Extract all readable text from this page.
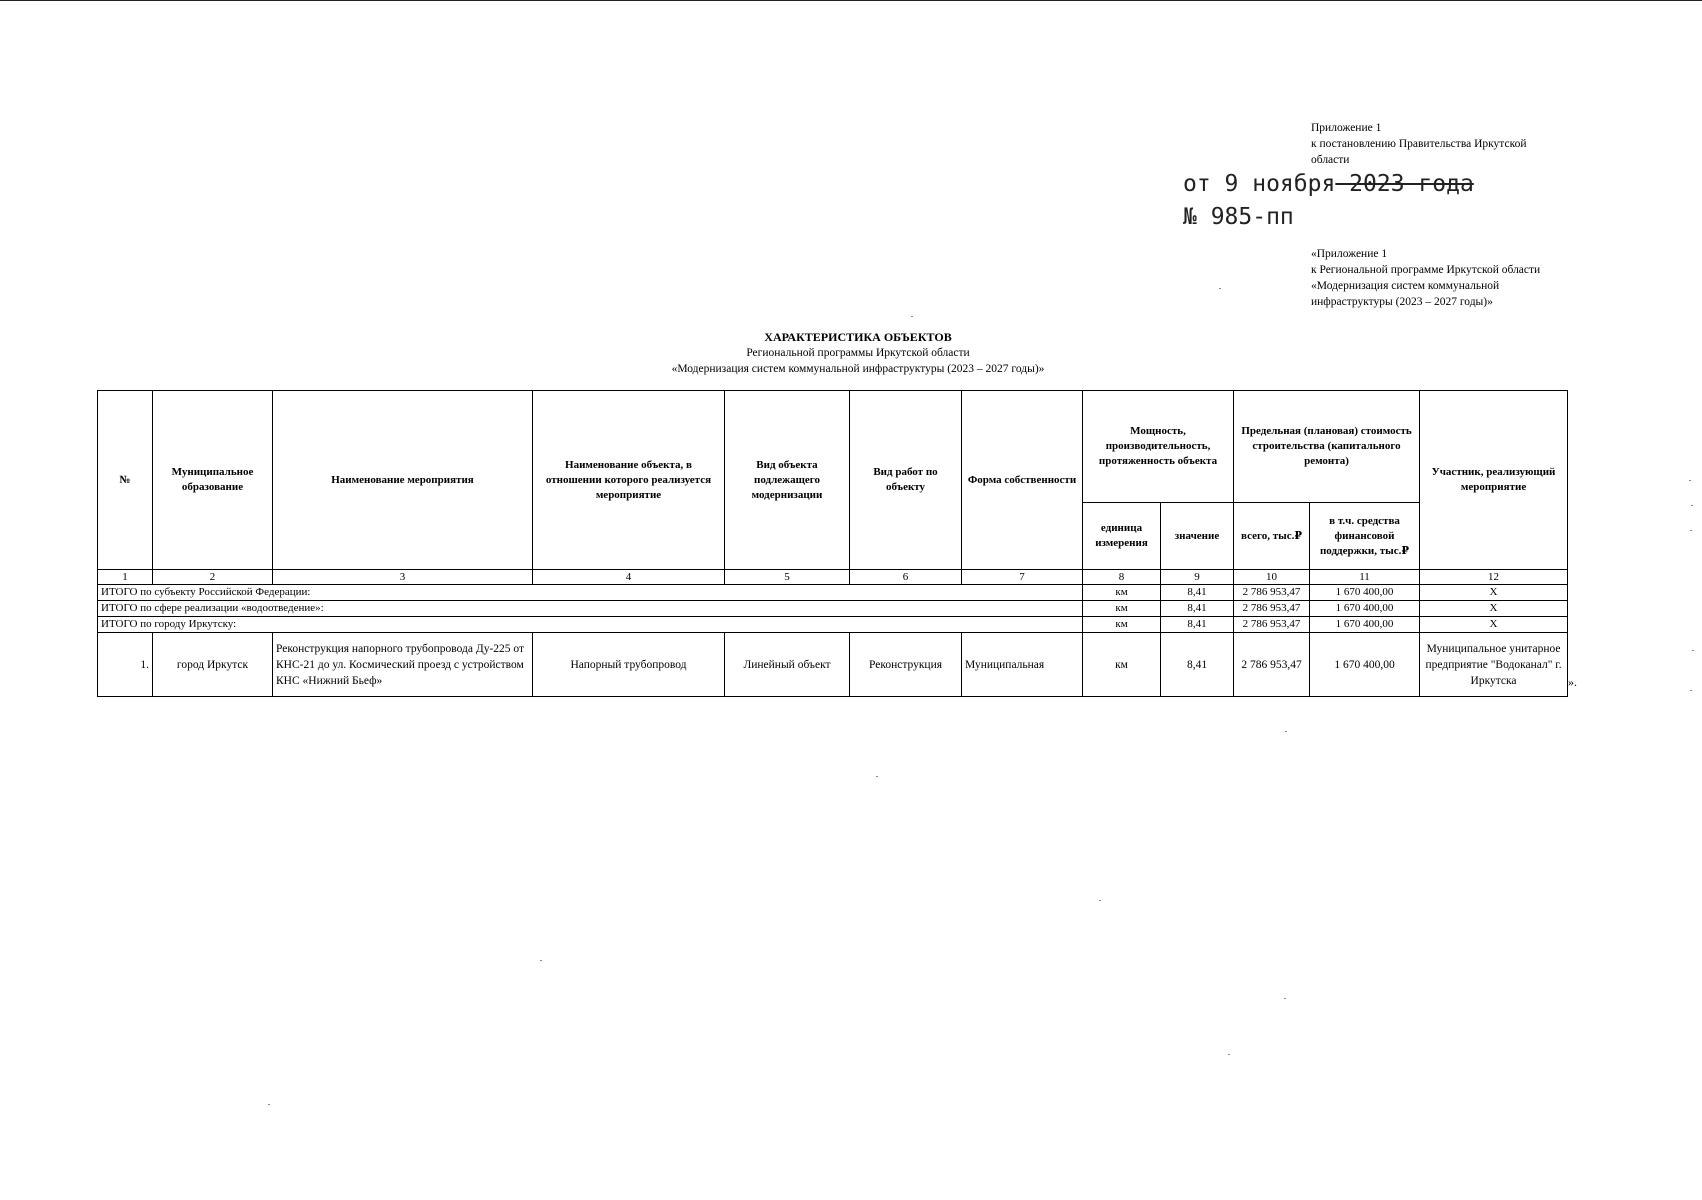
Приложение 1
к постановлению Правительства Иркутской
области
от 9 ноября 2023 года
№ 985-пп
«Приложение 1
к Региональной программе Иркутской области
«Модернизация систем коммунальной
инфраструктуры (2023 – 2027 годы)»
ХАРАКТЕРИСТИКА ОБЪЕКТОВ
Региональной программы Иркутской области
«Модернизация систем коммунальной инфраструктуры (2023 – 2027 годы)»
№	Муниципальное образование	Наименование мероприятия	Наименование объекта, в отношении которого реализуется мероприятие	Вид объекта подлежащего модернизации	Вид работ по объекту	Форма собственности	Мощность, производительность, протяженность объекта		Предельная (плановая) стоимость строительства (капитального ремонта)		Участник, реализующий мероприятие
							единица измерения	значение	всего, тыс.₽	в т.ч. средства финансовой поддержки, тыс.₽	
1	2	3	4	5	6	7	8	9	10	11	12
ИТОГО по субъекту Российской Федерации:							км	8,41	2 786 953,47	1 670 400,00	X
ИТОГО по сфере реализации «водоотведение»:							км	8,41	2 786 953,47	1 670 400,00	X
ИТОГО по городу Иркутску:							км	8,41	2 786 953,47	1 670 400,00	X
1.	город Иркутск	Реконструкция напорного трубопровода Ду-225 от КНС-21 до ул. Космический проезд с устройством КНС «Нижний Бьеф»	Напорный трубопровод	Линейный объект	Реконструкция	Муниципальная	км	8,41	2 786 953,47	1 670 400,00	Муниципальное унитарное предприятие "Водоканал" г. Иркутска	».
